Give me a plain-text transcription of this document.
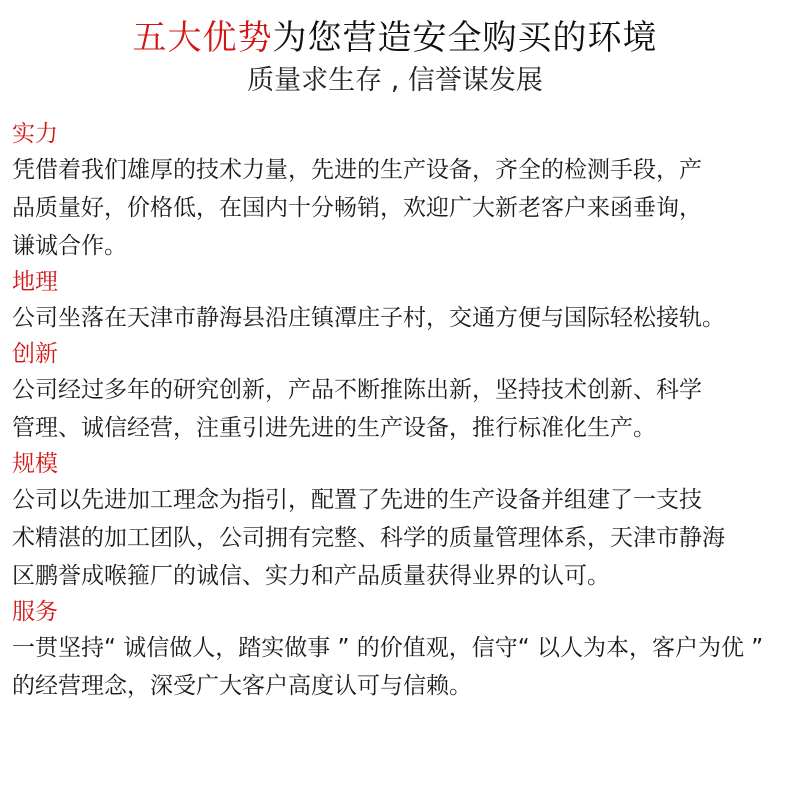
五大优势为您营造安全购买的环境
质量求生存 , 信誉谋发展
实力

凭借着我们雄厚的技术力量，先进的生产设备，齐全的检测手段，产
品质量好，价格低，在国内十分畅销，欢迎广大新老客户来函垂询，
谦诚合作。

地理

公司坐落在天津市静海县沿庄镇潭庄子村，交通方便与国际轻松接轨。

创新

公司经过多年的研究创新，产品不断推陈出新，坚持技术创新、科学
管理、诚信经营，注重引进先进的生产设备，推行标准化生产。

规模

公司以先进加工理念为指引，配置了先进的生产设备并组建了一支技
术精湛的加工团队，公司拥有完整、科学的质量管理体系，天津市静海
区鹏誉成喉箍厂的诚信、实力和产品质量获得业界的认可。

服务

一贯坚持“ 诚信做人，踏实做事 ” 的价值观，信守“ 以人为本，客户为优 ”
的经营理念，深受广大客户高度认可与信赖。
